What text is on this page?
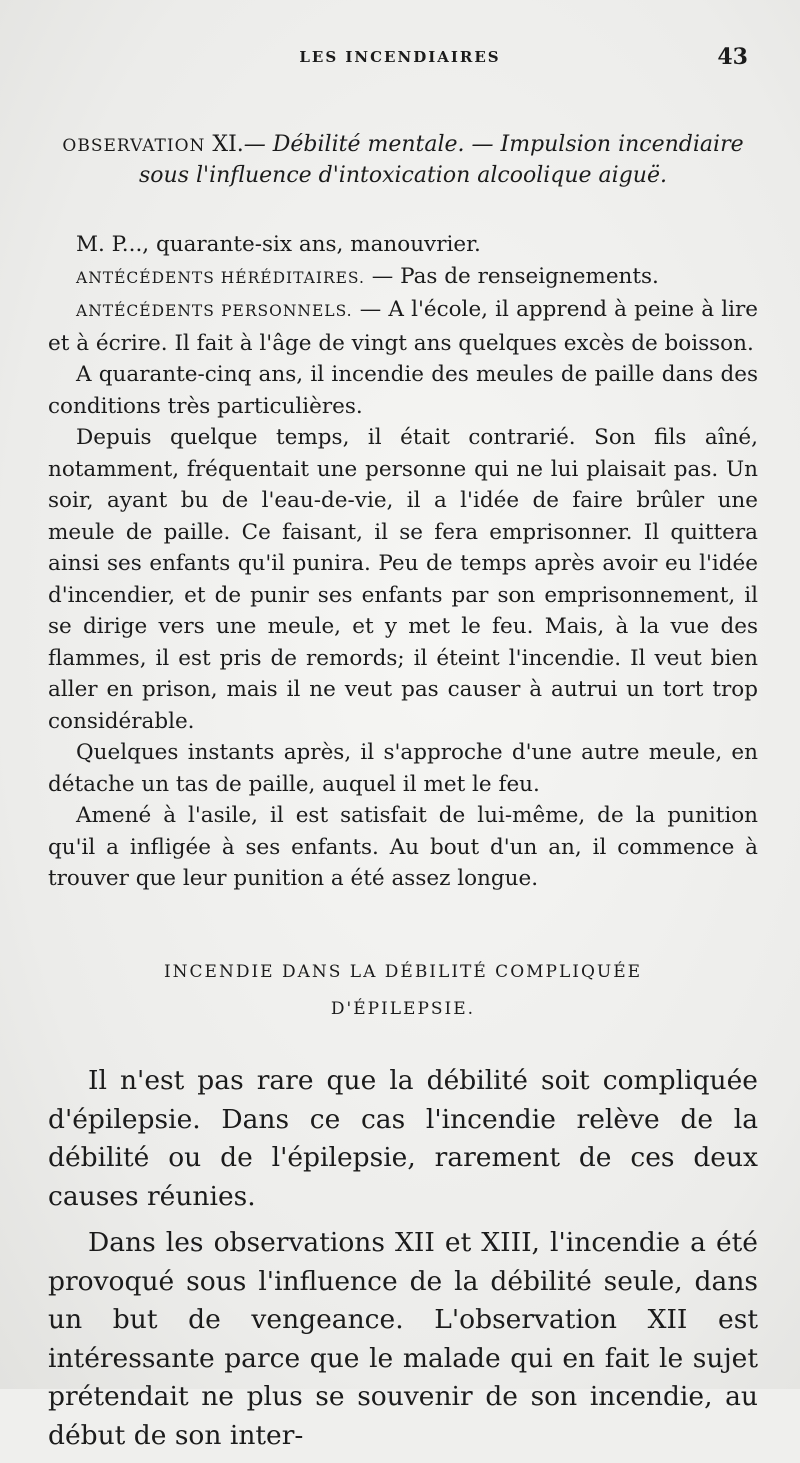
LES INCENDIAIRES	43
OBSERVATION XI.— Débilité mentale. — Impulsion incendiaire
sous l'influence d'intoxication alcoolique aiguë.

M. P..., quarante-six ans, manouvrier.

ANTÉCÉDENTS HÉRÉDITAIRES. — Pas de renseignements.

ANTÉCÉDENTS PERSONNELS. — A l'école, il apprend à peine à lire et à écrire. Il fait à l'âge de vingt ans quelques excès de boisson.

A quarante-cinq ans, il incendie des meules de paille dans des conditions très particulières.

Depuis quelque temps, il était contrarié. Son fils aîné, notamment, fréquentait une personne qui ne lui plaisait pas. Un soir, ayant bu de l'eau-de-vie, il a l'idée de faire brûler une meule de paille. Ce faisant, il se fera emprisonner. Il quittera ainsi ses enfants qu'il punira. Peu de temps après avoir eu l'idée d'incendier, et de punir ses enfants par son emprisonnement, il se dirige vers une meule, et y met le feu. Mais, à la vue des flammes, il est pris de remords; il éteint l'incendie. Il veut bien aller en prison, mais il ne veut pas causer à autrui un tort trop considérable.

Quelques instants après, il s'approche d'une autre meule, en détache un tas de paille, auquel il met le feu.

Amené à l'asile, il est satisfait de lui-même, de la punition qu'il a infligée à ses enfants. Au bout d'un an, il commence à trouver que leur punition a été assez longue.

INCENDIE DANS LA DÉBILITÉ COMPLIQUÉE
D'ÉPILEPSIE.

Il n'est pas rare que la débilité soit compliquée d'épilepsie. Dans ce cas l'incendie relève de la débilité ou de l'épilepsie, rarement de ces deux causes réunies.

Dans les observations XII et XIII, l'incendie a été provoqué sous l'influence de la débilité seule, dans un but de vengeance. L'observation XII est intéressante parce que le malade qui en fait le sujet prétendait ne plus se souvenir de son incendie, au début de son inter-
